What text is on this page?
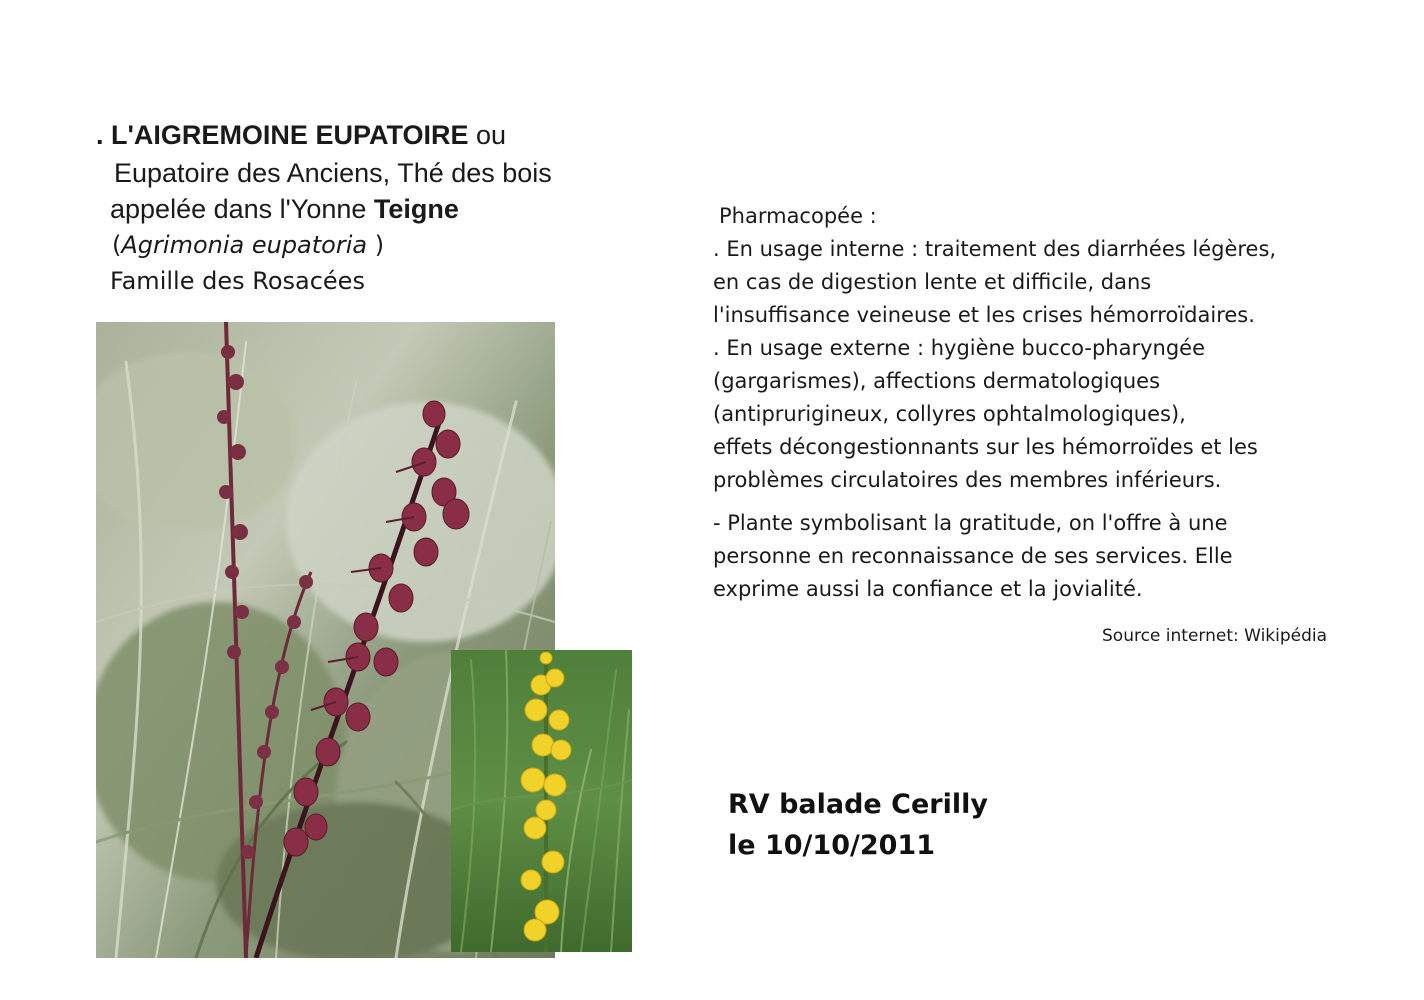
. L'AIGREMOINE EUPATOIRE ou
Eupatoire des Anciens, Thé des bois
appelée dans l'Yonne Teigne
(Agrimonia eupatoria )
Famille des Rosacées
Pharmacopée :
. En usage interne : traitement des diarrhées légères,
en cas de digestion lente et difficile, dans
l'insuffisance veineuse et les crises hémorroïdaires.
. En usage externe : hygiène bucco-pharyngée
(gargarismes), affections dermatologiques
(antiprurigineux, collyres ophtalmologiques),
effets décongestionnants sur les hémorroïdes et les
problèmes circulatoires des membres inférieurs.
- Plante symbolisant la gratitude, on l'offre à une
personne en reconnaissance de ses services. Elle
exprime aussi la confiance et la jovialité.
Source internet: Wikipédia
RV balade Cerilly
le 10/10/2011
